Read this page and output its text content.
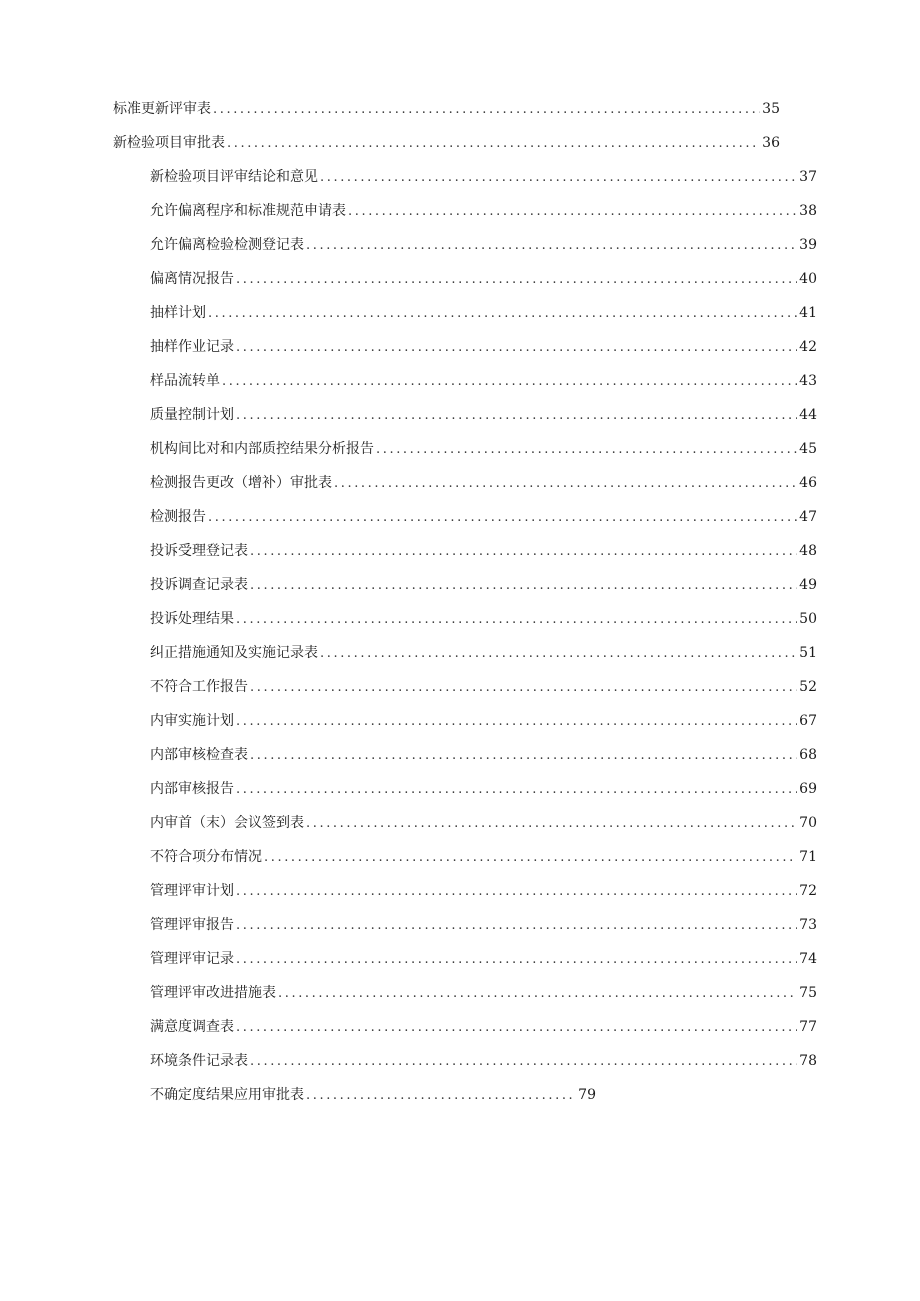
标准更新评审表 .....	35
新检验项目审批表 .....	36
新检验项目评审结论和意见 .....	37
允许偏离程序和标准规范申请表 .....	38
允许偏离检验检测登记表 .....	39
偏离情况报告 .....	40
抽样计划 .....	41
抽样作业记录 .....	42
样品流转单 .....	43
质量控制计划 .....	44
机构间比对和内部质控结果分析报告 .....	45
检测报告更改（增补）审批表 .....	46
检测报告 .....	47
投诉受理登记表 .....	48
投诉调查记录表 .....	49
投诉处理结果 .....	50
纠正措施通知及实施记录表 .....	51
不符合工作报告 .....	52
内审实施计划 .....	67
内部审核检查表 .....	68
内部审核报告 .....	69
内审首（末）会议签到表 .....	70
不符合项分布情况 .....	71
管理评审计划 .....	72
管理评审报告 .....	73
管理评审记录 .....	74
管理评审改进措施表 .....	75
满意度调查表 .....	77
环境条件记录表 .....	78
不确定度结果应用审批表 .....	79
